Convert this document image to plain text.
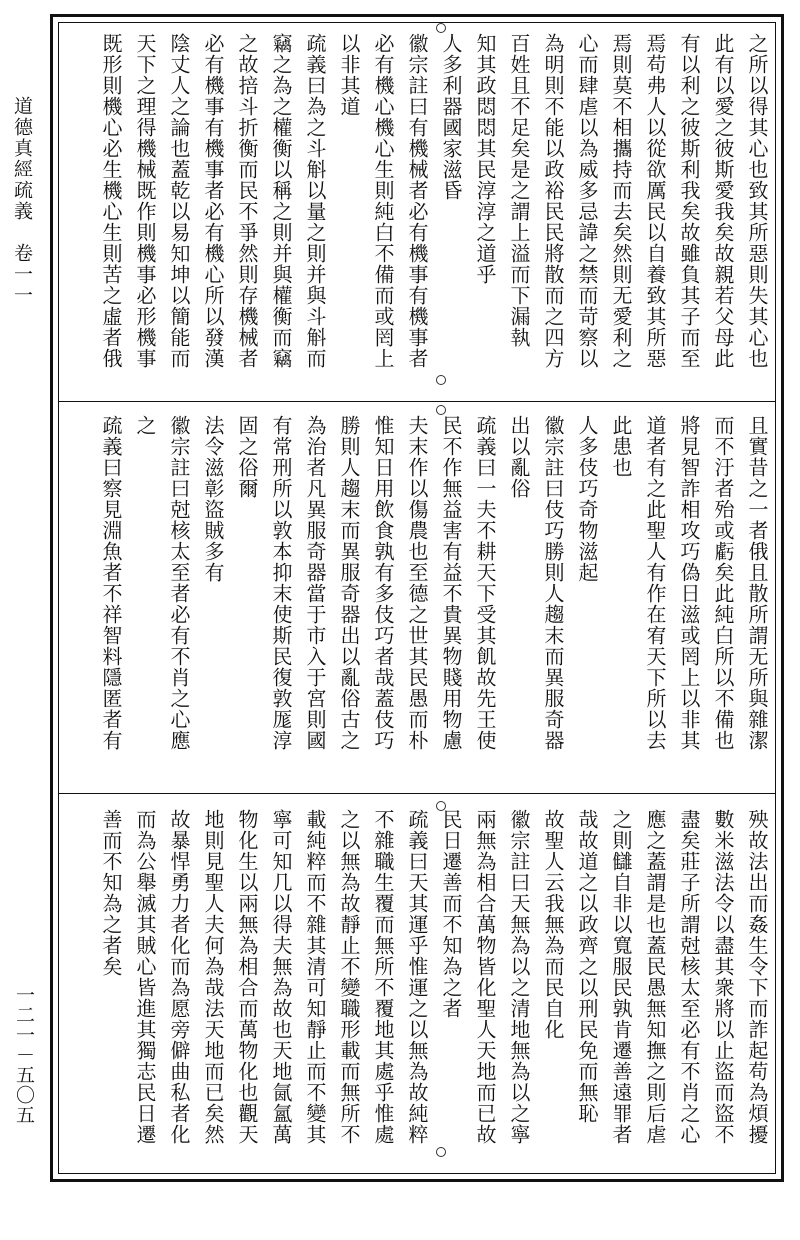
道德真經疏義　卷一一
一二一－五〇五
之所以得其心也致其所惡則失其心也
此有以愛之彼斯愛我矣故親若父母此
有以利之彼斯利我矣故雖負其子而至
焉苟弗人以從欲厲民以自養致其所惡
焉則莫不相攜持而去矣然則无愛利之
心而肆虐以為威多忌諱之禁而苛察以
為明則不能以政裕民民將散而之四方
百姓且不足矣是之謂上溢而下漏執
知其政悶悶其民淳淳之道乎
人多利器國家滋昏
徽宗註曰有機械者必有機事有機事者
必有機心機心生則純白不備而或罔上
以非其道
疏義曰為之斗斛以量之則并與斗斛而
竊之為之權衡以稱之則并與權衡而竊
之故掊斗折衡而民不爭然則存機械者
必有機事有機事者必有機心所以發漢
陰丈人之論也蓋乾以易知坤以簡能而
天下之理得機械既作則機事必形機事
既形則機心必生機心生則苦之虛者俄
且實昔之一者俄且散所謂无所與雜潔
而不汙者殆或虧矣此純白所以不備也
將見智詐相攻巧偽日滋或罔上以非其
道者有之此聖人有作在宥天下所以去
此患也
人多伎巧奇物滋起
徽宗註曰伎巧勝則人趨末而異服奇器
出以亂俗
疏義曰一夫不耕天下受其飢故先王使
民不作無益害有益不貴異物賤用物慮
夫末作以傷農也至德之世其民愚而朴
惟知日用飲食孰有多伎巧者哉蓋伎巧
勝則人趨末而異服奇器出以亂俗古之
為治者凡異服奇器當于市入于宮則國
有常刑所以敦本抑末使斯民復敦厖淳
固之俗爾
法令滋彰盜賊多有
徽宗註曰尅核太至者必有不肖之心應
之
疏義曰察見淵魚者不祥智料隱匿者有
殃故法出而姦生令下而詐起苟為煩擾
數米滋法令以盡其衆將以止盜而盜不
盡矣莊子所謂尅核太至必有不肖之心
應之蓋謂是也蓋民愚無知撫之則后虐
之則讎自非以寬服民孰肯遷善遠罪者
哉故道之以政齊之以刑民免而無恥
故聖人云我無為而民自化
徽宗註曰天無為以之清地無為以之寧
兩無為相合萬物皆化聖人天地而已故
民日遷善而不知為之者
疏義曰天其運乎惟運之以無為故純粹
不雜職生覆而無所不覆地其處乎惟處
之以無為故靜止不變職形載而無所不
載純粹而不雜其清可知靜止而不變其
寧可知几以得夫無為故也天地氤氳萬
物化生以兩無為相合而萬物化也觀天
地則見聖人夫何為哉法天地而已矣然
故暴悍勇力者化而為愿旁僻曲私者化
而為公舉滅其賊心皆進其獨志民日遷
善而不知為之者矣
